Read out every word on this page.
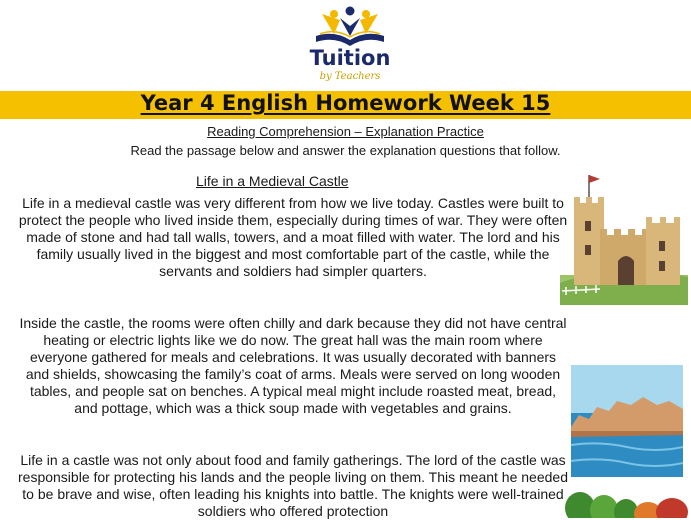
Tuition
by Teachers
Year 4 English Homework Week 15
Reading Comprehension – Explanation Practice
Read the passage below and answer the explanation questions that follow.
Life in a Medieval Castle

Life in a medieval castle was very different from how we live today. Castles were built to protect the people who lived inside them, especially during times of war. They were often made of stone and had tall walls, towers, and a moat filled with water. The lord and his family usually lived in the biggest and most comfortable part of the castle, while the servants and soldiers had simpler quarters.

Inside the castle, the rooms were often chilly and dark because they did not have central heating or electric lights like we do now. The great hall was the main room where everyone gathered for meals and celebrations. It was usually decorated with banners and shields, showcasing the family’s coat of arms. Meals were served on long wooden tables, and people sat on benches. A typical meal might include roasted meat, bread, and pottage, which was a thick soup made with vegetables and grains.

Life in a castle was not only about food and family gatherings. The lord of the castle was responsible for protecting his lands and the people living on them. This meant he needed to be brave and wise, often leading his knights into battle. The knights were well-trained soldiers who offered protection
